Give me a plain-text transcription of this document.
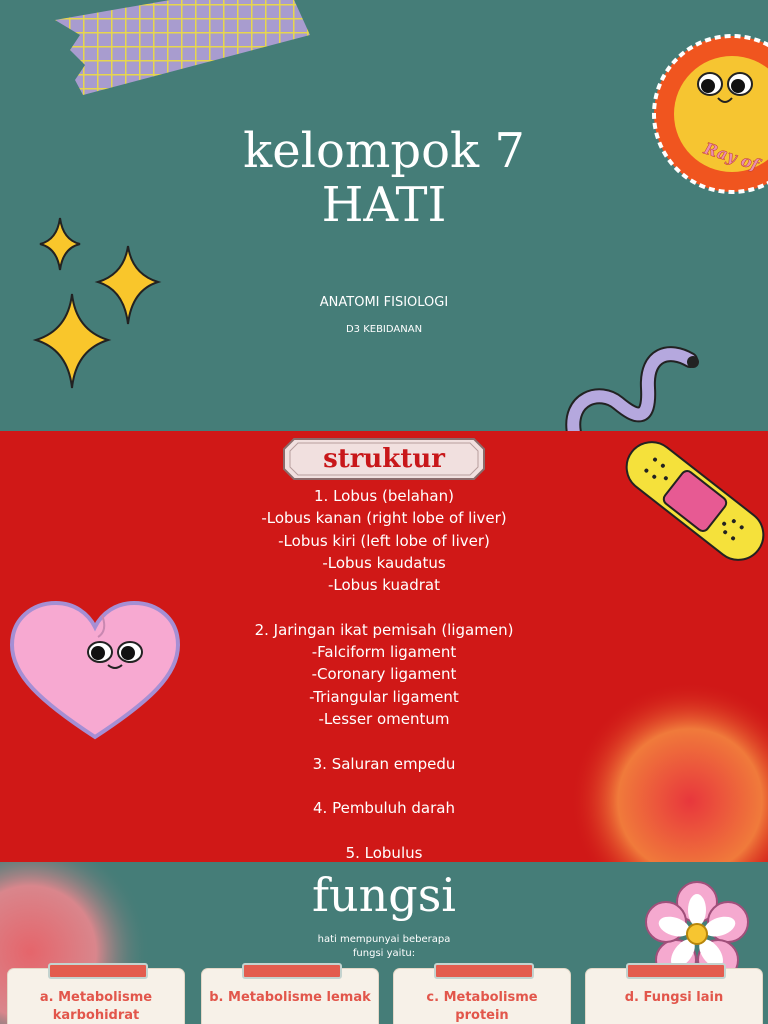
Ray of
kelompok 7
HATI
ANATOMI FISIOLOGI
D3 KEBIDANAN
struktur
1. Lobus (belahan)
-Lobus kanan (right lobe of liver)
-Lobus kiri (left lobe of liver)
-Lobus kaudatus
-Lobus kuadrat
2. Jaringan ikat pemisah (ligamen)
-Falciform ligament
-Coronary ligament
-Triangular ligament
-Lesser omentum
3. Saluran empedu
4. Pembuluh darah
5. Lobulus
fungsi
hati mempunyai beberapa
fungsi yaitu:
a. Metabolisme karbohidrat
b. Metabolisme lemak	c. Metabolisme protein
d. Fungsi lain
